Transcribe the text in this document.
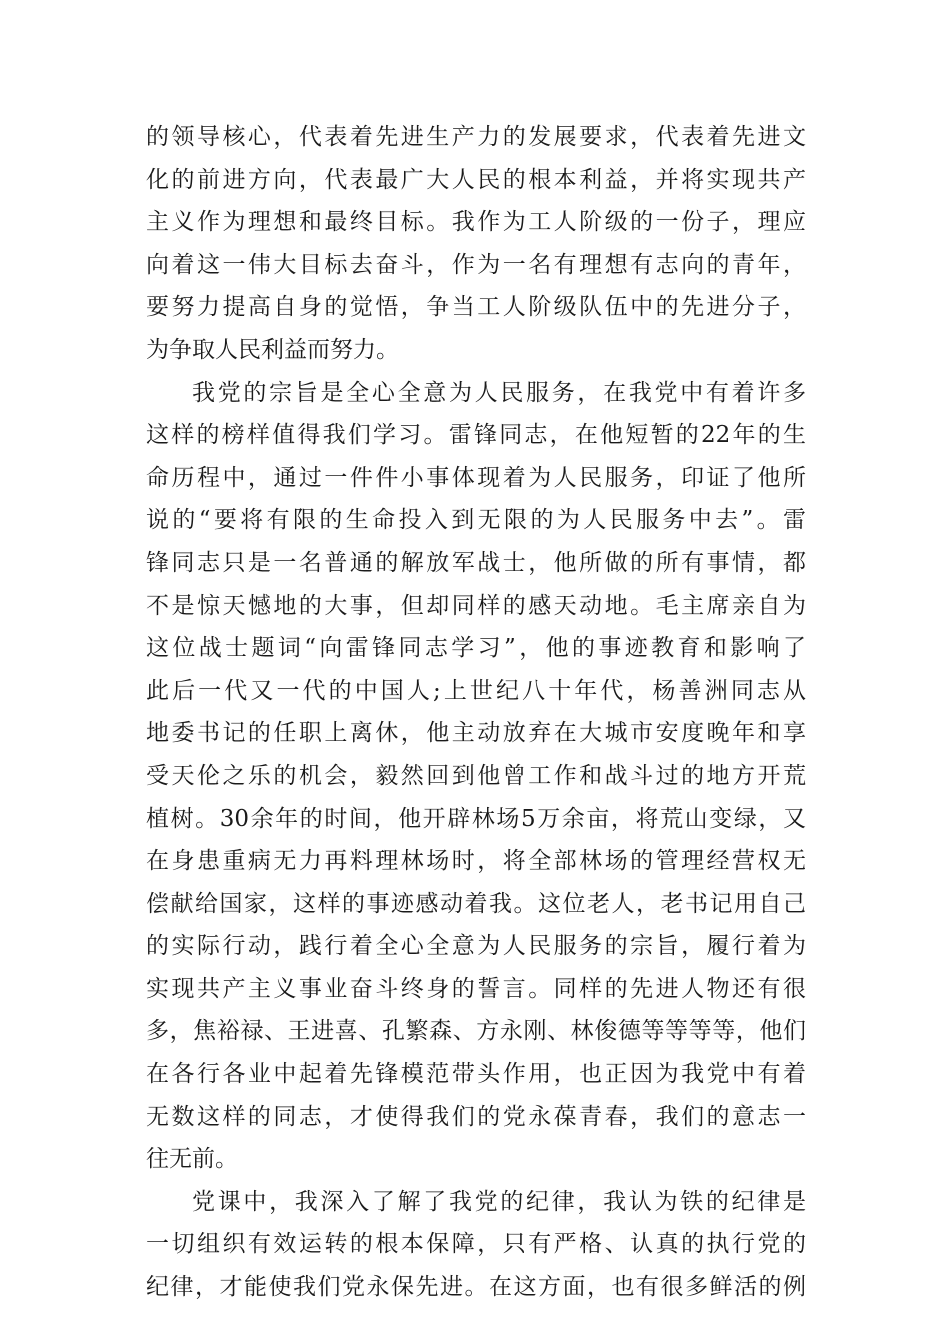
的领导核心，代表着先进生产力的发展要求，代表着先进文
化的前进方向，代表最广大人民的根本利益，并将实现共产
主义作为理想和最终目标。我作为工人阶级的一份子，理应
向着这一伟大目标去奋斗，作为一名有理想有志向的青年，
要努力提高自身的觉悟，争当工人阶级队伍中的先进分子，
为争取人民利益而努力。
我党的宗旨是全心全意为人民服务，在我党中有着许多
这样的榜样值得我们学习。雷锋同志，在他短暂的22年的生
命历程中，通过一件件小事体现着为人民服务，印证了他所
说的“要将有限的生命投入到无限的为人民服务中去”。雷
锋同志只是一名普通的解放军战士，他所做的所有事情，都
不是惊天憾地的大事，但却同样的感天动地。毛主席亲自为
这位战士题词“向雷锋同志学习”，他的事迹教育和影响了
此后一代又一代的中国人;上世纪八十年代，杨善洲同志从
地委书记的任职上离休，他主动放弃在大城市安度晚年和享
受天伦之乐的机会，毅然回到他曾工作和战斗过的地方开荒
植树。30余年的时间，他开辟林场5万余亩，将荒山变绿，又
在身患重病无力再料理林场时，将全部林场的管理经营权无
偿献给国家，这样的事迹感动着我。这位老人，老书记用自己
的实际行动，践行着全心全意为人民服务的宗旨，履行着为
实现共产主义事业奋斗终身的誓言。同样的先进人物还有很
多，焦裕禄、王进喜、孔繁森、方永刚、林俊德等等等等，他们
在各行各业中起着先锋模范带头作用，也正因为我党中有着
无数这样的同志，才使得我们的党永葆青春，我们的意志一
往无前。
党课中，我深入了解了我党的纪律，我认为铁的纪律是
一切组织有效运转的根本保障，只有严格、认真的执行党的
纪律，才能使我们党永保先进。在这方面，也有很多鲜活的例
